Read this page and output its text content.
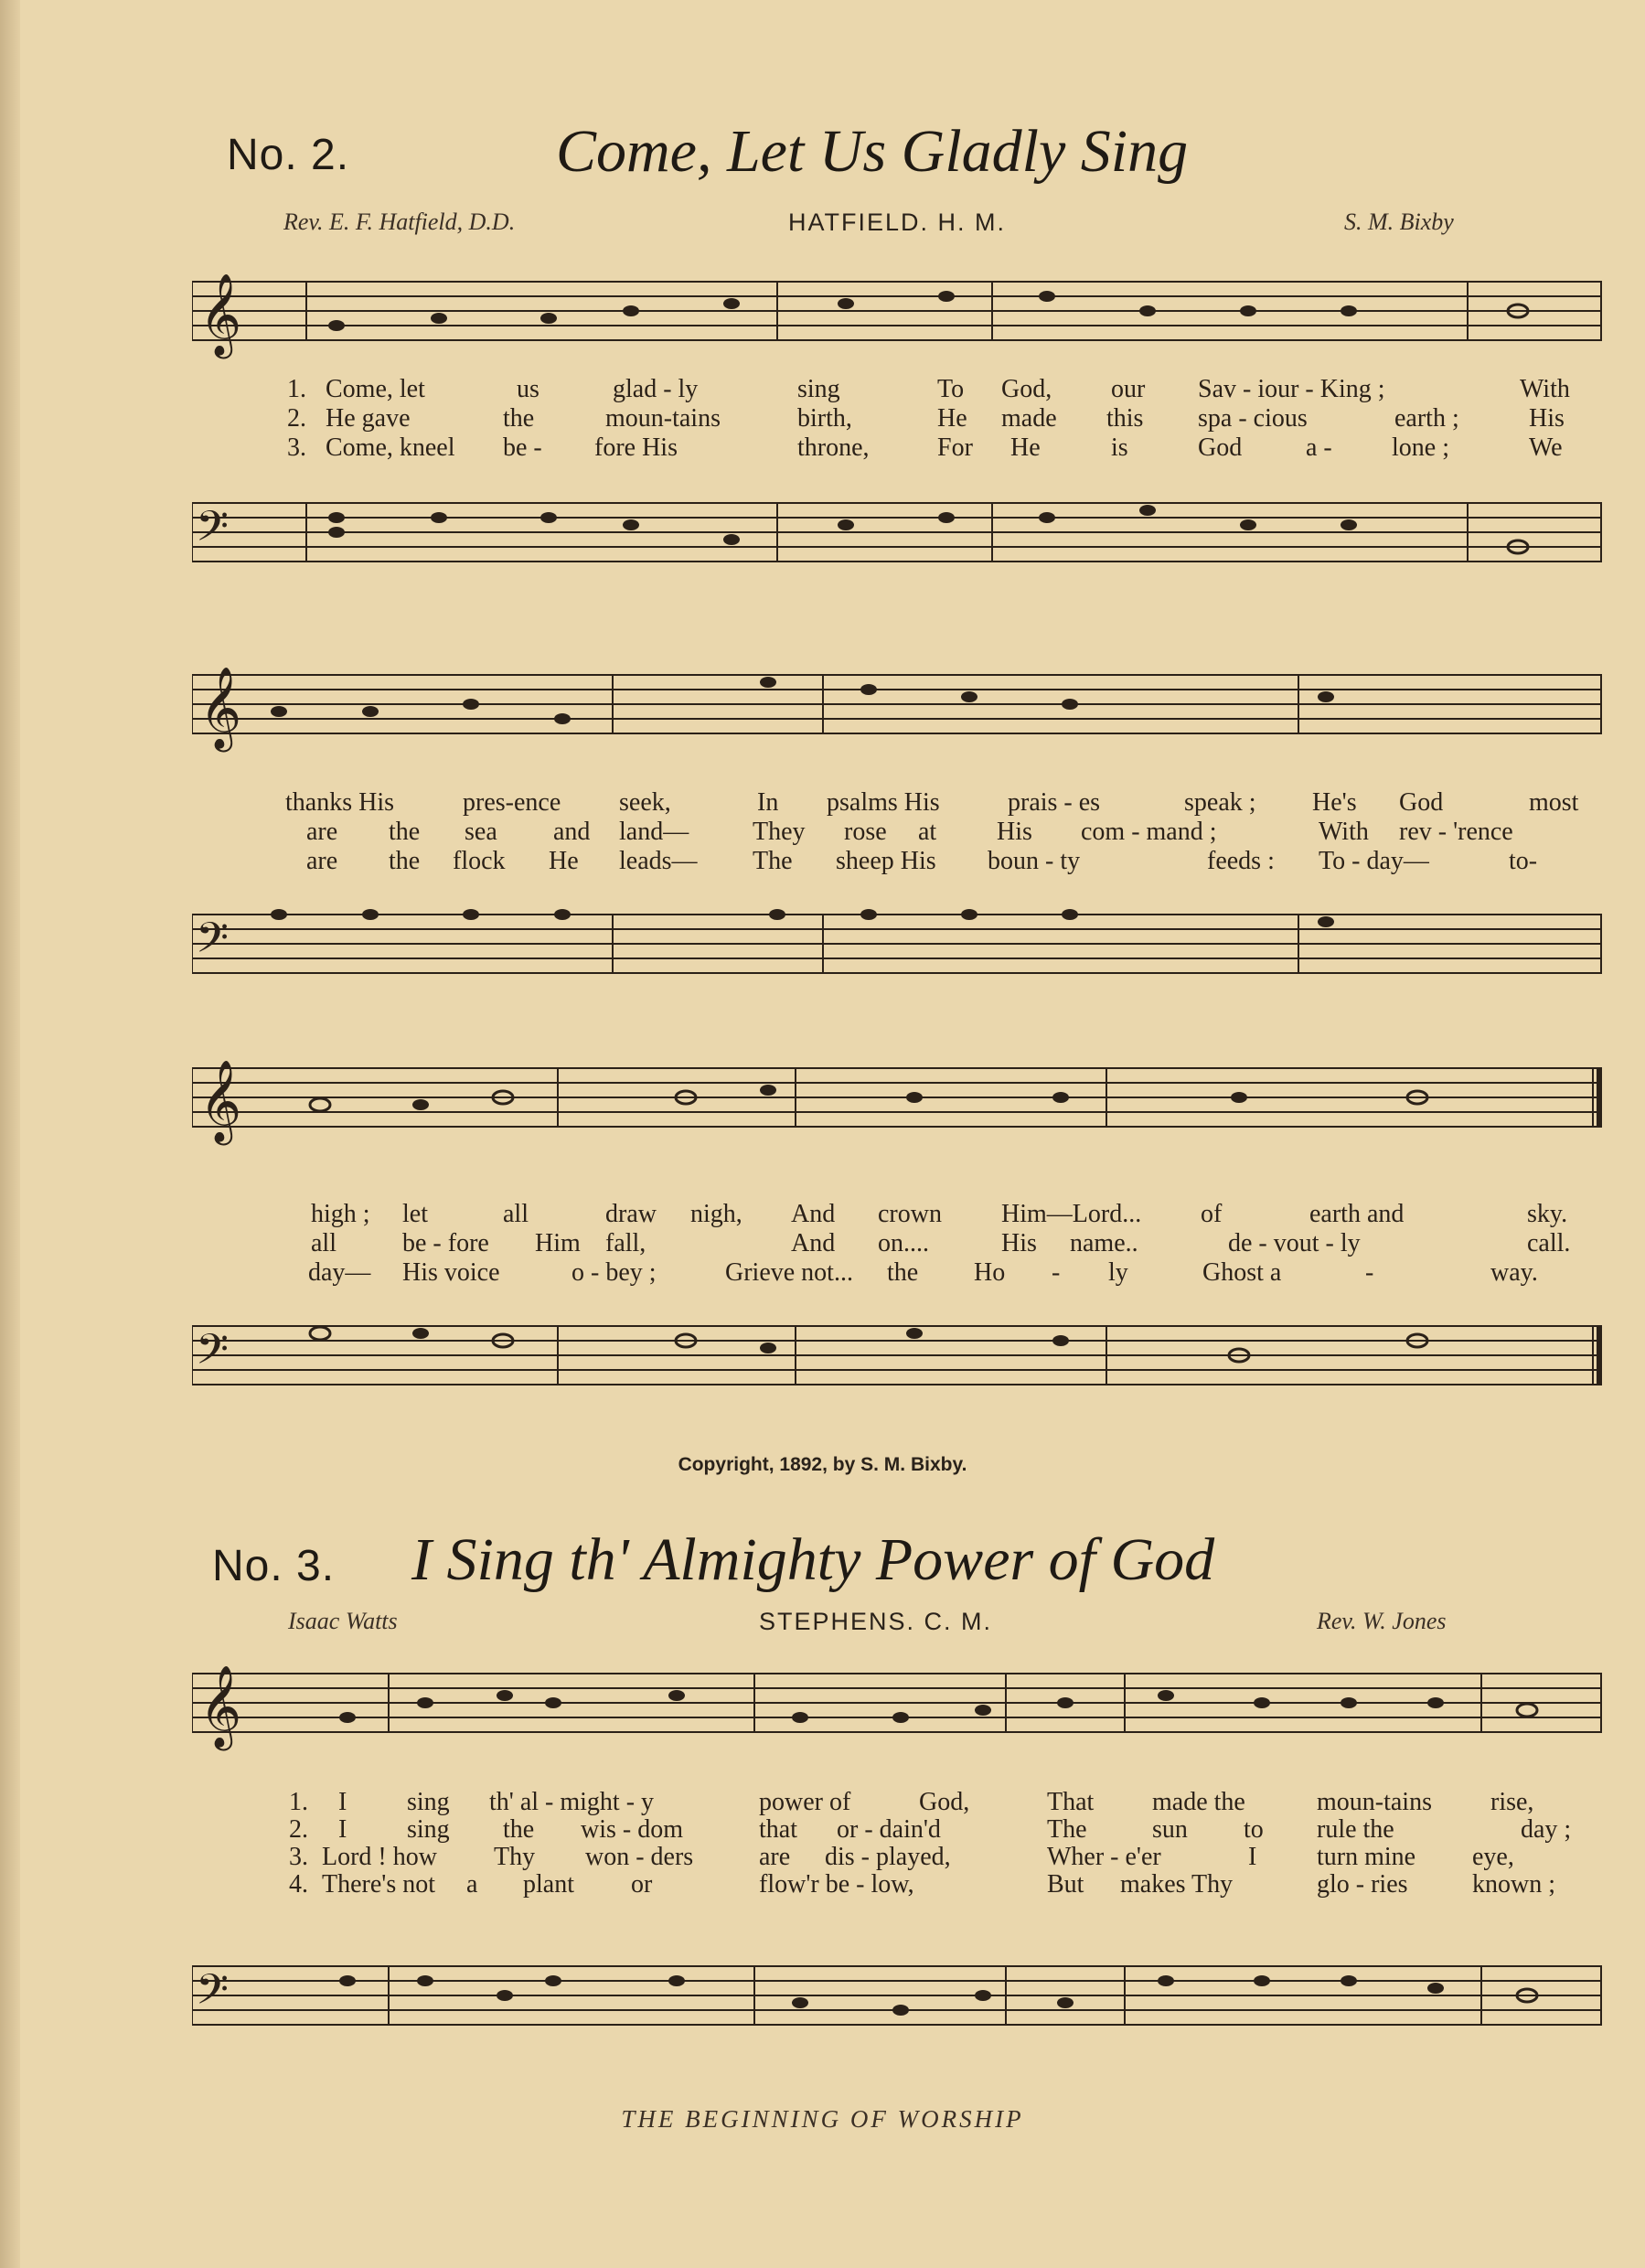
No. 2.	Come, Let Us Gladly Sing
Rev. E. F. Hatfield, D.D.	HATFIELD. H. M.	S. M. Bixby
𝄞
1. Come, let	us	glad - ly	sing	To God, our Sav - iour - King ;	With
2. He gave	the	moun-tains	birth,	He made this spa - cious	earth ;	His
3. Come, kneel be - fore His	throne,	For He	is	God a - lone ;	We
𝄢
𝄞
thanks His	pres-ence seek,	In psalms His	prais - es	speak ; He's God	most
are the sea and land— They rose at His com - mand ;	With rev - 'rence
are the flock He leads— The sheep His boun - ty	feeds : To - day—	to-
𝄢
𝄞
high ; let	all	draw nigh, And crown Him—Lord... of	earth and	sky.
all	be - fore Him fall,	And on....	His name..	de - vout - ly	call.
day— His voice	o - bey ;	Grieve not... the Ho - ly	Ghost a	-	way.
𝄢
Copyright, 1892, by S. M. Bixby.
No. 3. I Sing th' Almighty Power of God
Isaac Watts	STEPHENS. C. M.	Rev. W. Jones
𝄞
1. I sing th' al - might - y	power of	God,	That made the	moun-tains rise,
2. I sing the wis - dom	that or - dain'd	The	sun to rule the	day ;
3. Lord ! how Thy won - ders	are dis - played,	Wher - e'er	I turn mine eye,
4. There's not a plant or	flow'r be - low,	But makes Thy	glo - ries	known ;
𝄢
THE BEGINNING OF WORSHIP
